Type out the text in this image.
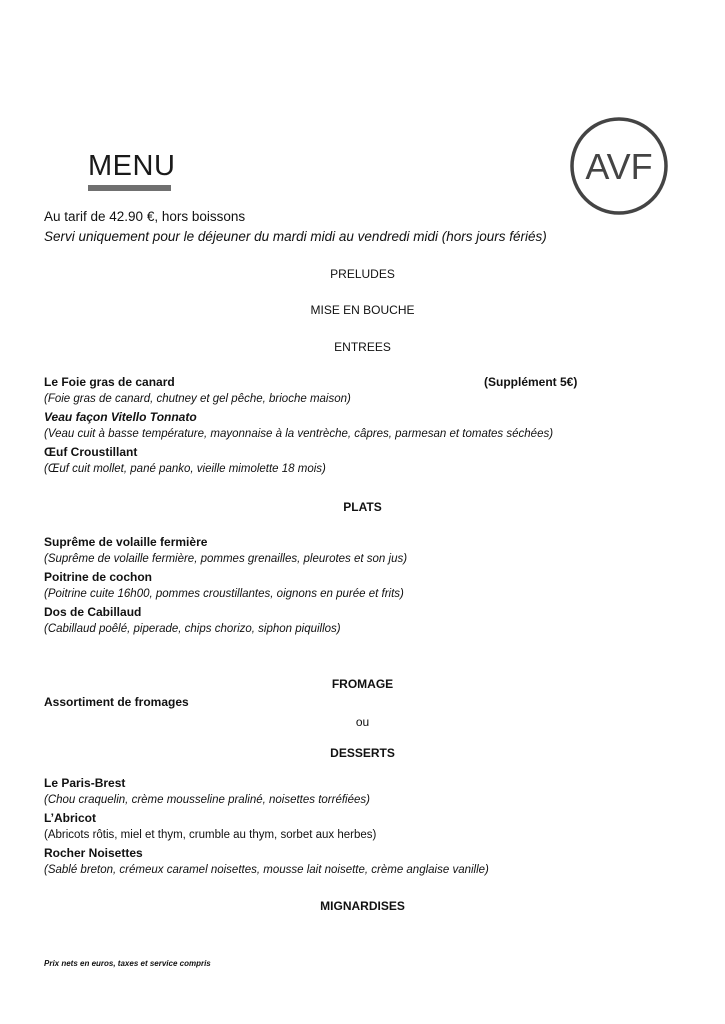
MENU	AVF
Au tarif de 42.90 €, hors boissons
Servi uniquement pour le déjeuner du mardi midi au vendredi midi (hors jours fériés)
PRELUDES
MISE EN BOUCHE
ENTREES
Le Foie gras de canard	(Supplément 5€)
(Foie gras de canard, chutney et gel pêche, brioche maison)
Veau façon Vitello Tonnato
(Veau cuit à basse température, mayonnaise à la ventrèche, câpres, parmesan et tomates séchées)
Œuf Croustillant
(Œuf cuit mollet, pané panko, vieille mimolette 18 mois)
PLATS
Suprême de volaille fermière
(Suprême de volaille fermière, pommes grenailles, pleurotes et son jus)
Poitrine de cochon
(Poitrine cuite 16h00, pommes croustillantes, oignons en purée et frits)
Dos de Cabillaud
(Cabillaud poêlé, piperade, chips chorizo, siphon piquillos)
FROMAGE
Assortiment de fromages
ou
DESSERTS
Le Paris-Brest
(Chou craquelin, crème mousseline praliné, noisettes torréfiées)
L’Abricot
(Abricots rôtis, miel et thym, crumble au thym, sorbet aux herbes)
Rocher Noisettes
(Sablé breton, crémeux caramel noisettes, mousse lait noisette, crème anglaise vanille)
MIGNARDISES
Prix nets en euros, taxes et service compris
